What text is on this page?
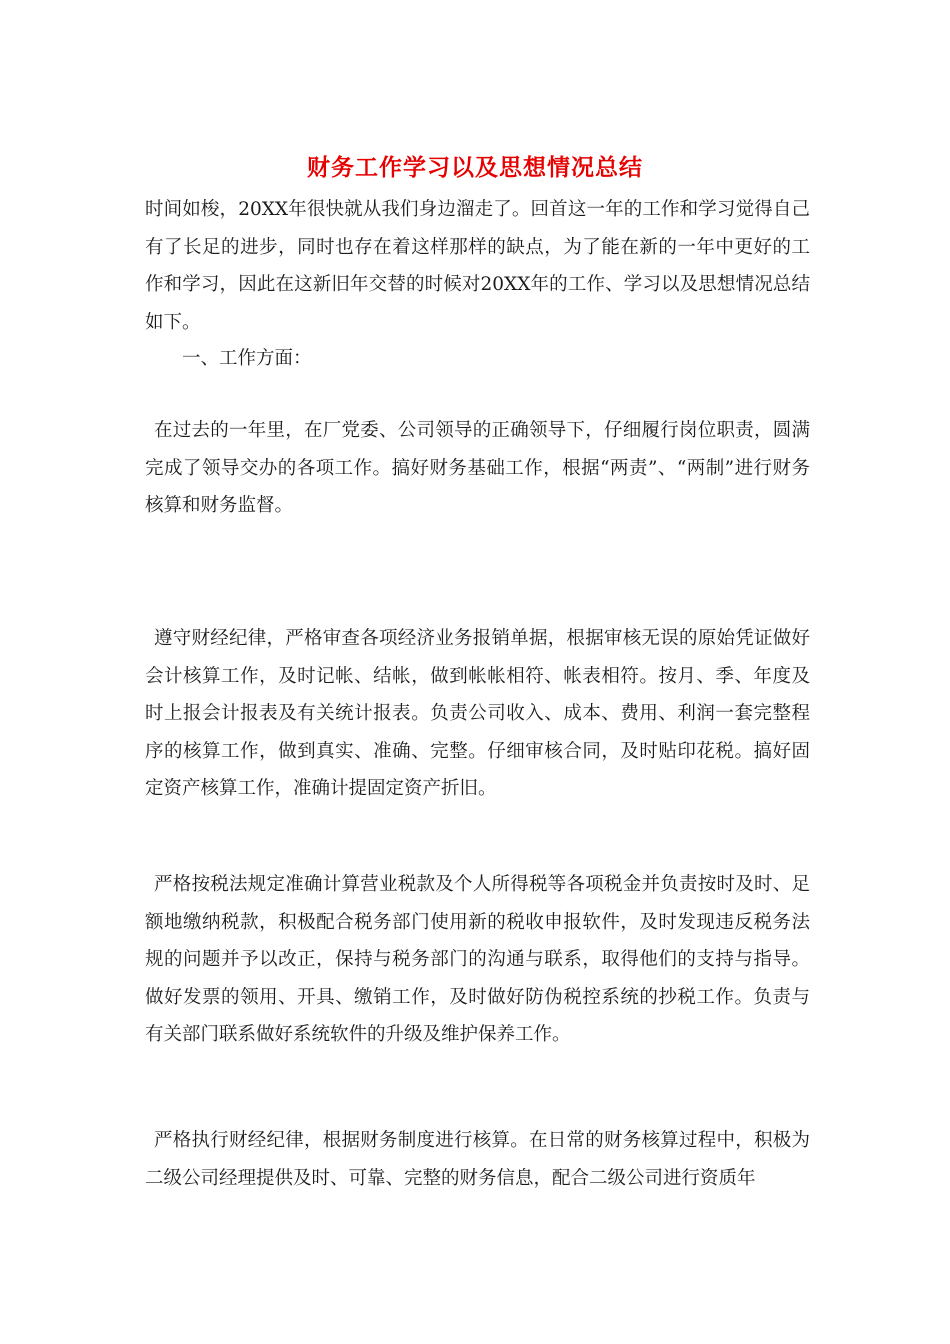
财务工作学习以及思想情况总结

时间如梭，20XX年很快就从我们身边溜走了。回首这一年的工作和学习觉得自己有了长足的进步，同时也存在着这样那样的缺点，为了能在新的一年中更好的工作和学习，因此在这新旧年交替的时候对20XX年的工作、学习以及思想情况总结如下。

一、工作方面：

在过去的一年里，在厂党委、公司领导的正确领导下，仔细履行岗位职责，圆满完成了领导交办的各项工作。搞好财务基础工作，根据“两责”、“两制”进行财务核算和财务监督。

遵守财经纪律，严格审查各项经济业务报销单据，根据审核无误的原始凭证做好会计核算工作，及时记帐、结帐，做到帐帐相符、帐表相符。按月、季、年度及时上报会计报表及有关统计报表。负责公司收入、成本、费用、利润一套完整程序的核算工作，做到真实、准确、完整。仔细审核合同，及时贴印花税。搞好固定资产核算工作，准确计提固定资产折旧。

严格按税法规定准确计算营业税款及个人所得税等各项税金并负责按时及时、足额地缴纳税款，积极配合税务部门使用新的税收申报软件，及时发现违反税务法规的问题并予以改正，保持与税务部门的沟通与联系，取得他们的支持与指导。做好发票的领用、开具、缴销工作，及时做好防伪税控系统的抄税工作。负责与有关部门联系做好系统软件的升级及维护保养工作。

严格执行财经纪律，根据财务制度进行核算。在日常的财务核算过程中，积极为二级公司经理提供及时、可靠、完整的财务信息，配合二级公司进行资质年
